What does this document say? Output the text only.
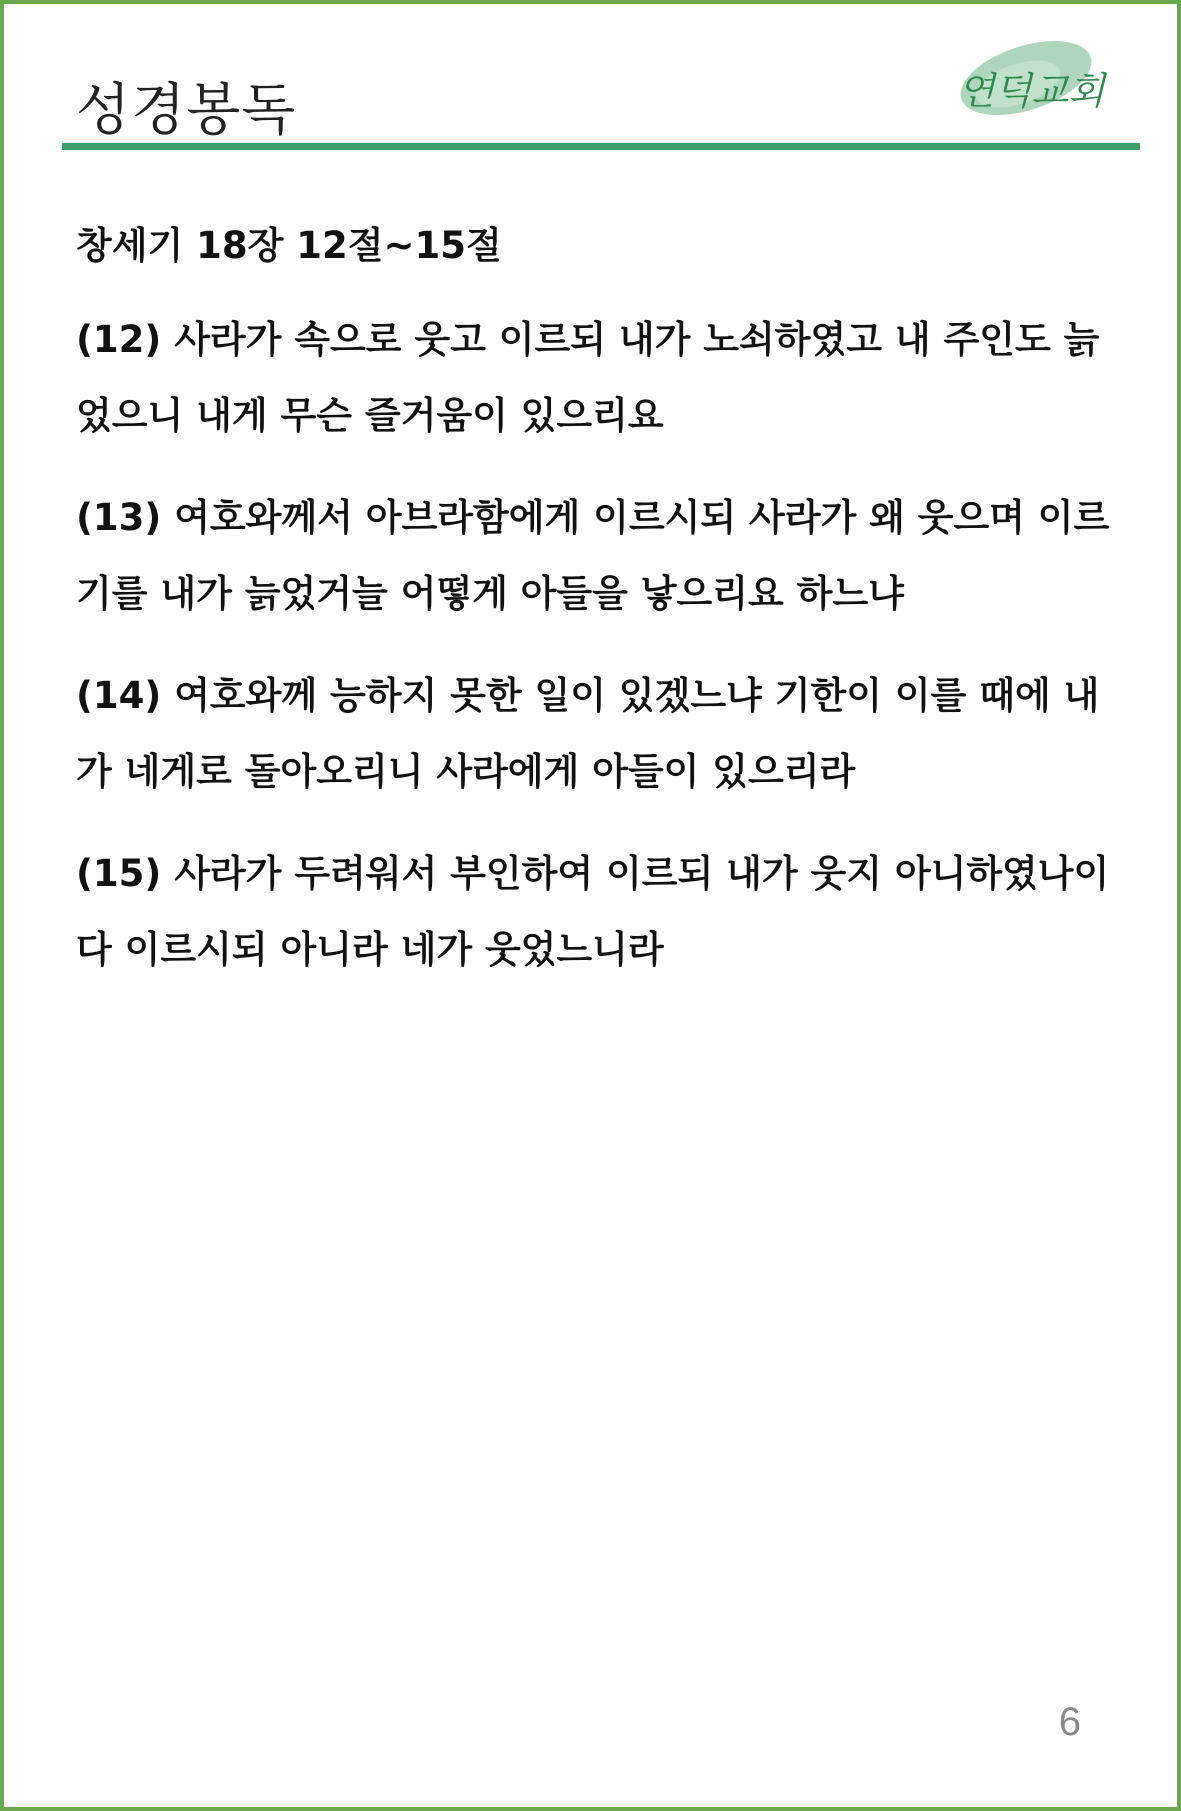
성경봉독	연덕교회
창세기 18장 12절~15절
(12) 사라가 속으로 웃고 이르되 내가 노쇠하였고 내 주인도 늙었으니 내게 무슨 즐거움이 있으리요
(13) 여호와께서 아브라함에게 이르시되 사라가 왜 웃으며 이르기를 내가 늙었거늘 어떻게 아들을 낳으리요 하느냐
(14) 여호와께 능하지 못한 일이 있겠느냐 기한이 이를 때에 내가 네게로 돌아오리니 사라에게 아들이 있으리라
(15) 사라가 두려워서 부인하여 이르되 내가 웃지 아니하였나이다 이르시되 아니라 네가 웃었느니라
6
